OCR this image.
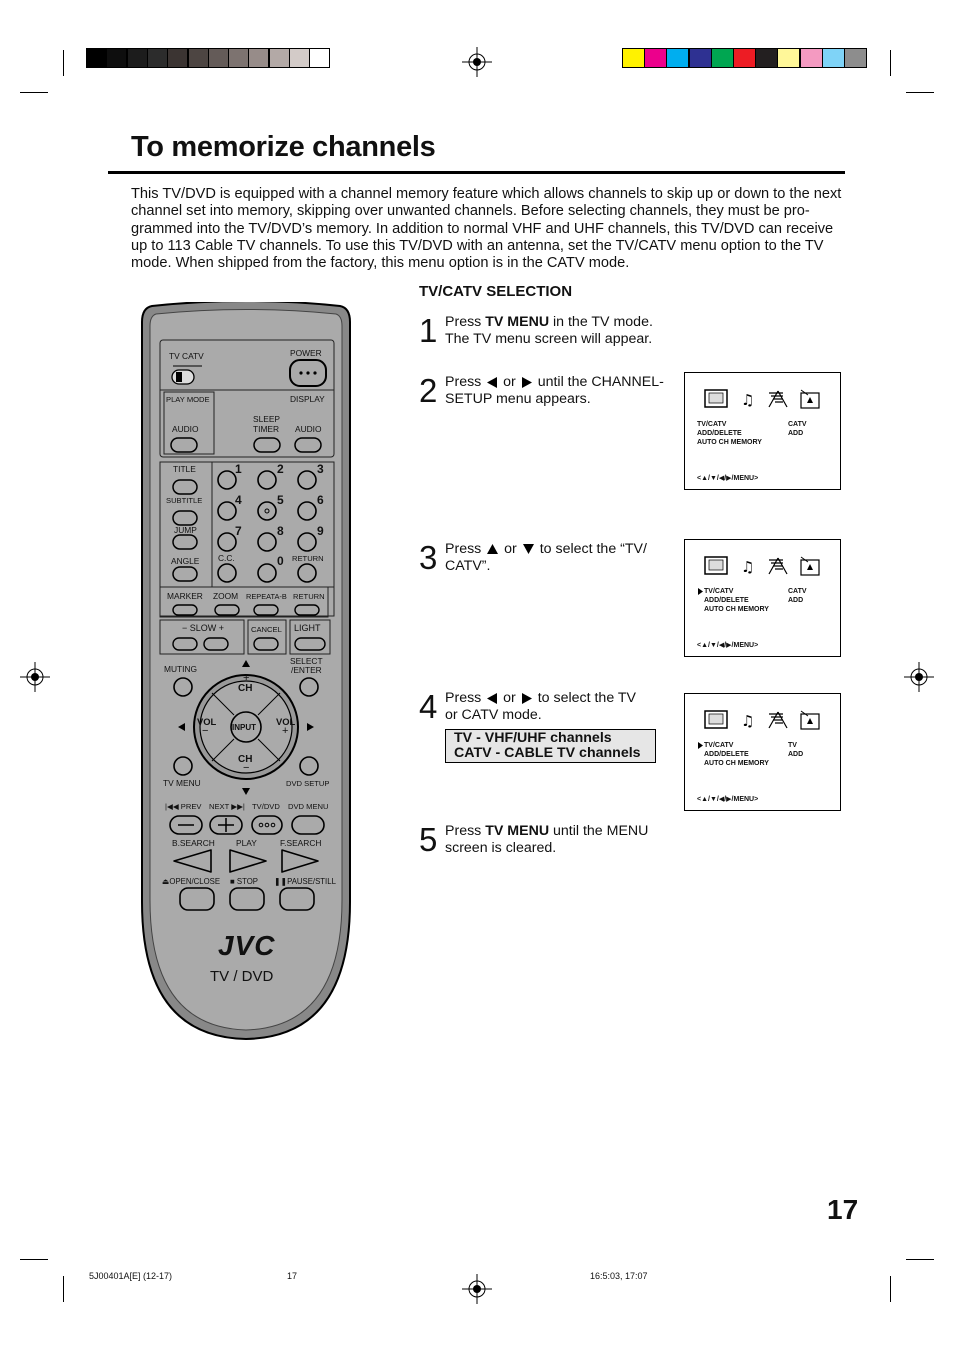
To memorize channels
This TV/DVD is equipped with a channel memory feature which allows channels to skip up or down to the next channel set into memory, skipping over unwanted channels. Before selecting channels, they must be pro-grammed into the TV/DVD’s memory. In addition to normal VHF and UHF channels, this TV/DVD can receive up to 113 Cable TV channels. To use this TV/DVD with an antenna, set the TV/CATV menu option to the TV mode. When shipped from the factory, this menu option is in the CATV mode.
TV/CATV SELECTION
1 Press TV MENU in the TV mode.
The TV menu screen will appear.
2 Press or until the CHANNEL-
SETUP menu appears.
3 Press or to select the “TV/
CATV”.
4 Press or to select the TV
or CATV mode.
TV - VHF/UHF channels
CATV - CABLE TV channels
5 Press TV MENU until the MENU
screen is cleared.
♫
TV/CATV
ADD/DELETE
AUTO CH MEMORY
CATV
ADD
<▲/▼/◀/▶/MENU>
♫
TV/CATV
ADD/DELETE
AUTO CH MEMORY
CATV
ADD
<▲/▼/◀/▶/MENU>
♫
TV/CATV
ADD/DELETE
AUTO CH MEMORY
TV
ADD
<▲/▼/◀/▶/MENU>
TV CATV	POWER
PLAY MODE	DISPLAY
SLEEP
TIMER
AUDIO	AUDIO
TITLE
SUBTITLE
JUMP
ANGLE C.C.	RETURN
1	2	3
4	5	6
7	8	9
0
MARKER ZOOM REPEATA-B RETURN
− SLOW +	CANCEL LIGHT
MUTING
SELECT
/ENTER
CH
CH
VOL	VOL
INPUT
+
−
−	+
TV MENU	DVD SETUP
|◀◀ PREV NEXT ▶▶| TV/DVD DVD MENU
B.SEARCH	PLAY	F.SEARCH
⏏OPEN/CLOSE ■ STOP ❚❚PAUSE/STILL
JVC
TV / DVD
17
5J00401A[E] (12-17)	17	16:5:03, 17:07
